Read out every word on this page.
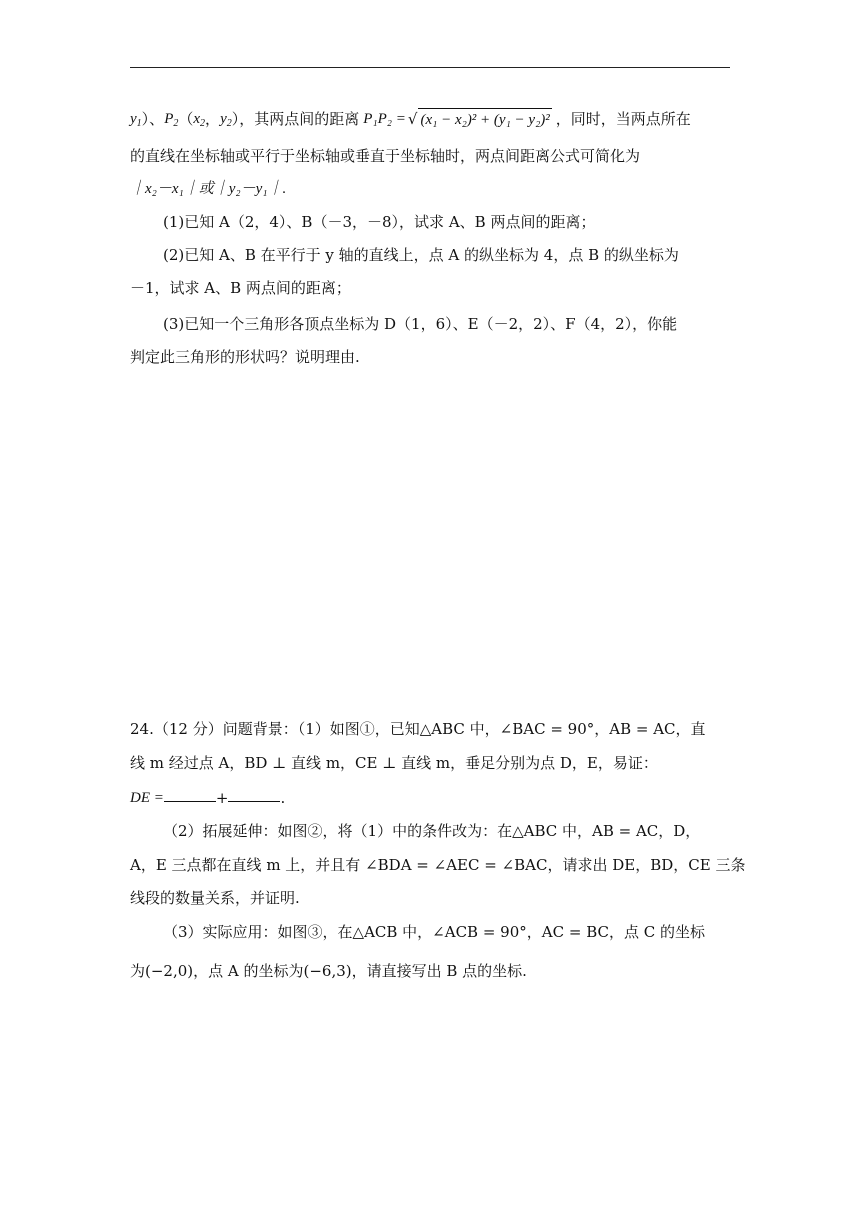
$y_1$ ）、 $P_2$ （ $x_2$ ， $y_2$ ），其两点间的距离 P₁P₂ = √ (x₁ − x₂)² + (y₁ − y₂)² ，同时，当两点所在
的直线在坐标轴或平行于坐标轴或垂直于坐标轴时，两点间距离公式可简化为
｜x₂－x₁｜或｜y₂－y₁｜.
(1)已知 A（2，4）、B（－3，－8），试求 A、B 两点间的距离；
(2)已知 A、B 在平行于 y 轴的直线上，点 A 的纵坐标为 4，点 B 的纵坐标为
－1，试求 A、B 两点间的距离；
(3)已知一个三角形各顶点坐标为 D（1，6）、E（－2，2）、F（4，2），你能
判定此三角形的形状吗？说明理由.
24.（12 分）问题背景：（1）如图①，已知△ABC 中，∠BAC = 90°，AB = AC，直
线 m 经过点 A，BD ⊥ 直线 m，CE ⊥ 直线 m，垂足分别为点 D，E，易证：
DE =	+	.
（2）拓展延伸：如图②，将（1）中的条件改为：在△ABC 中，AB = AC，D，
A，E 三点都在直线 m 上，并且有 ∠BDA = ∠AEC = ∠BAC，请求出 DE，BD，CE 三条
线段的数量关系，并证明.
（3）实际应用：如图③，在△ACB 中，∠ACB = 90°，AC = BC，点 C 的坐标
为(−2,0)，点 A 的坐标为(−6,3)，请直接写出 B 点的坐标.
